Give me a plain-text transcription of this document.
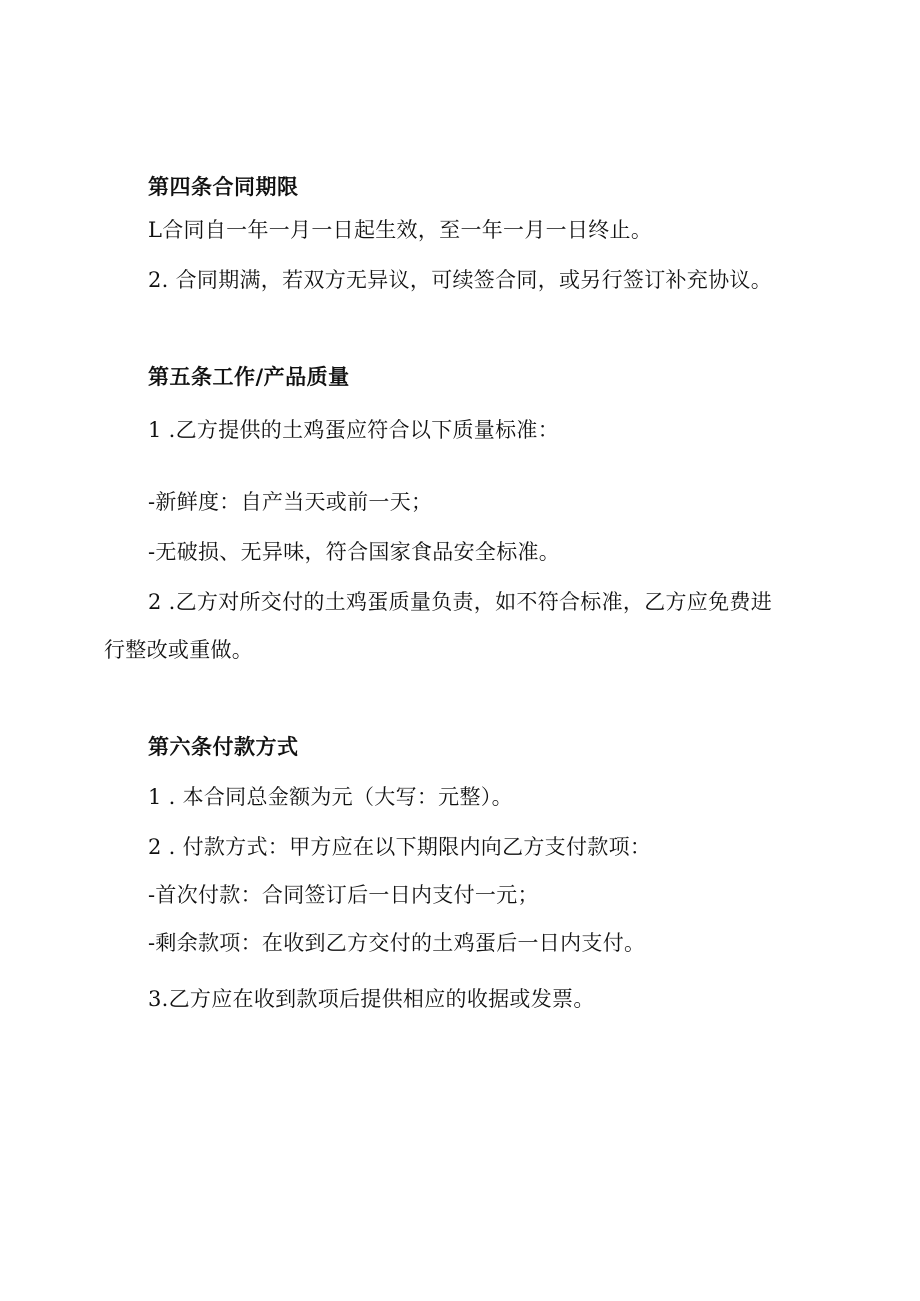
第四条合同期限
L合同自一年一月一日起生效，至一年一月一日终止。
2. 合同期满，若双方无异议，可续签合同，或另行签订补充协议。
第五条工作/产品质量
1 .乙方提供的土鸡蛋应符合以下质量标准：
-新鲜度：自产当天或前一天；
-无破损、无异味，符合国家食品安全标准。
2 .乙方对所交付的土鸡蛋质量负责，如不符合标准，乙方应免费进
行整改或重做。
第六条付款方式
1 . 本合同总金额为元（大写：元整）。
2 . 付款方式：甲方应在以下期限内向乙方支付款项：
-首次付款：合同签订后一日内支付一元；
-剩余款项：在收到乙方交付的土鸡蛋后一日内支付。
3.乙方应在收到款项后提供相应的收据或发票。
